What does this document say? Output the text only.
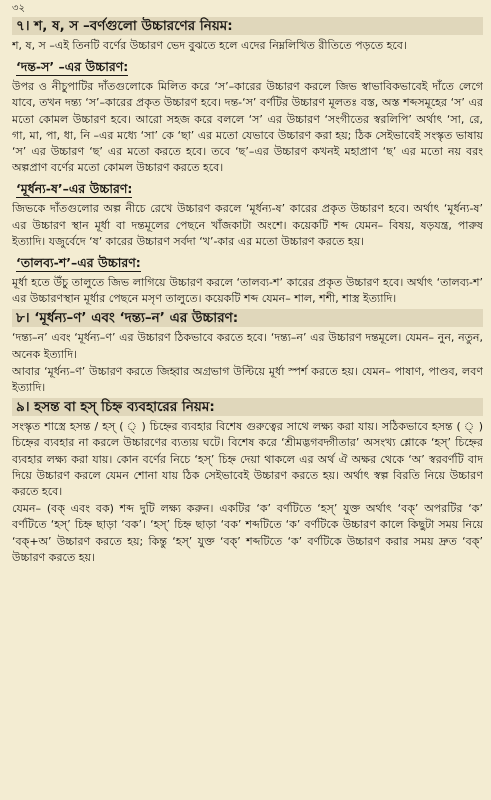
৩২
৭। শ, ষ, স –বর্ণগুলো উচ্চারণের নিয়ম:

শ, ষ, স –এই তিনটি বর্ণের উচ্চারণ ভেদ বুঝতে হলে এদের নিম্নলিখিত রীতিতে পড়তে হবে।

‘দন্ত-স’ –এর উচ্চারণ:

উপর ও নীচুপাটির দাঁতগুলোকে মিলিত করে ‘স’–কারের উচ্চারণ করলে জিভ স্বাভাবিকভাবেই দাঁতে লেগে যাবে, তখন দন্ত্য ‘স’–কারের প্রকৃত উচ্চারণ হবে। দন্ত-‘স’ বর্ণটির উচ্চারণ মূলতঃ বস্ত, অস্ত শব্দসমূহের ‘স’ এর মতো কোমল উচ্চারণ হবে। আরো সহজ করে বললে ‘স’ এর উচ্চারণ ‘সংগীতের স্বরলিপি’ অর্থাৎ ‘সা, রে, গা, মা, পা, ধা, নি –এর মধ্যে ‘সা’ কে ‘ছা’ এর মতো যেভাবে উচ্চারণ করা হয়; ঠিক সেইভাবেই সংস্কৃত ভাষায় ‘স’ এর উচ্চারণ ‘ছ’ এর মতো করতে হবে। তবে ‘ছ’–এর উচ্চারণ কখনই মহাপ্রাণ ‘ছ’ এর মতো নয় বরং অল্পপ্রাণ বর্ণের মতো কোমল উচ্চারণ করতে হবে।

‘মূর্ধন্য-ষ’–এর উচ্চারণ:

জিভকে দাঁতগুলোর অল্প নীচে রেখে উচ্চারণ করলে ‘মূর্ধন্য-ষ’ কারের প্রকৃত উচ্চারণ হবে। অর্থাৎ ‘মূর্ধন্য-ষ’ এর উচ্চারণ স্থান মূর্ধা বা দন্তমূলের পেছনে খাঁজকাটা অংশে। কয়েকটি শব্দ যেমন– বিষয়, ষড়যন্ত্র, পারুষ ইত্যাদি। যজুর্বেদে ‘ষ’ কারের উচ্চারণ সর্বদা ‘খ’-কার এর মতো উচ্চারণ করতে হয়।

‘তালব্য-শ’–এর উচ্চারণ:

মূর্ধা হতে উঁচু তালুতে জিভ লাগিয়ে উচ্চারণ করলে ‘তালব্য-শ’ কারের প্রকৃত উচ্চারণ হবে। অর্থাৎ ‘তালব্য-শ’ এর উচ্চারণস্থান মূর্ধার পেছনে মসৃণ তালুতে। কয়েকটি শব্দ যেমন– শাল, শশী, শাস্ত্র ইত্যাদি।

৮। ‘মূর্ধন্য–ণ’ এবং ‘দন্ত্য–ন’ এর উচ্চারণ:

‘দন্ত্য–ন’ এবং ‘মূর্ধন্য–ণ’ এর উচ্চারণ ঠিকভাবে করতে হবে। ‘দন্ত্য–ন’ এর উচ্চারণ দন্তমূলে। যেমন– নুন, নতুন, অনেক ইত্যাদি।

আবার ‘মূর্ধন্য–ণ’ উচ্চারণ করতে জিহ্বার অগ্রভাগ উল্টিয়ে মূর্ধা স্পর্শ করতে হয়। যেমন– পাষাণ, পাণ্ডব, লবণ ইত্যাদি।

৯। হসন্ত বা হস্‌ চিহ্ন ব্যবহারের নিয়ম:

সংস্কৃত শাস্ত্রে হসন্ত / হস্‌ ( ্ ) চিহ্নের ব্যবহার বিশেষ গুরুত্বের সাথে লক্ষ্য করা যায়। সঠিকভাবে হসন্ত ( ্ ) চিহ্নের ব্যবহার না করলে উচ্চারণের ব্যত্যয় ঘটে। বিশেষ করে ‘শ্রীমদ্ভগবদ্গীতার’ অসংখ্য শ্লোকে ‘হস্‌’ চিহ্নের ব্যবহার লক্ষ্য করা যায়। কোন বর্ণের নিচে ‘হস্‌’ চিহ্ন দেয়া থাকলে এর অর্থ ঐ অক্ষর থেকে ‘অ’ স্বরবর্ণটি বাদ দিয়ে উচ্চারণ করলে যেমন শোনা যায় ঠিক সেইভাবেই উচ্চারণ করতে হয়। অর্থাৎ স্বল্প বিরতি নিয়ে উচ্চারণ করতে হবে।

যেমন– (বক্‌ এবং বক) শব্দ দুটি লক্ষ্য করুন। একটির ‘ক’ বর্ণটিতে ‘হস্‌’ যুক্ত অর্থাৎ ‘বক্‌’ অপরটির ‘ক’ বর্ণটিতে ‘হস্‌’ চিহ্ন ছাড়া ‘বক’। ‘হস্‌’ চিহ্ন ছাড়া ‘বক’ শব্দটিতে ‘ক’ বর্ণটিকে উচ্চারণ কালে কিছুটা সময় নিয়ে ‘বক্‌+অ’ উচ্চারণ করতে হয়; কিন্তু ‘হস্‌’ যুক্ত ‘বক্‌’ শব্দটিতে ‘ক’ বর্ণটিকে উচ্চারণ করার সময় দ্রুত ‘বক্‌’ উচ্চারণ করতে হয়।
